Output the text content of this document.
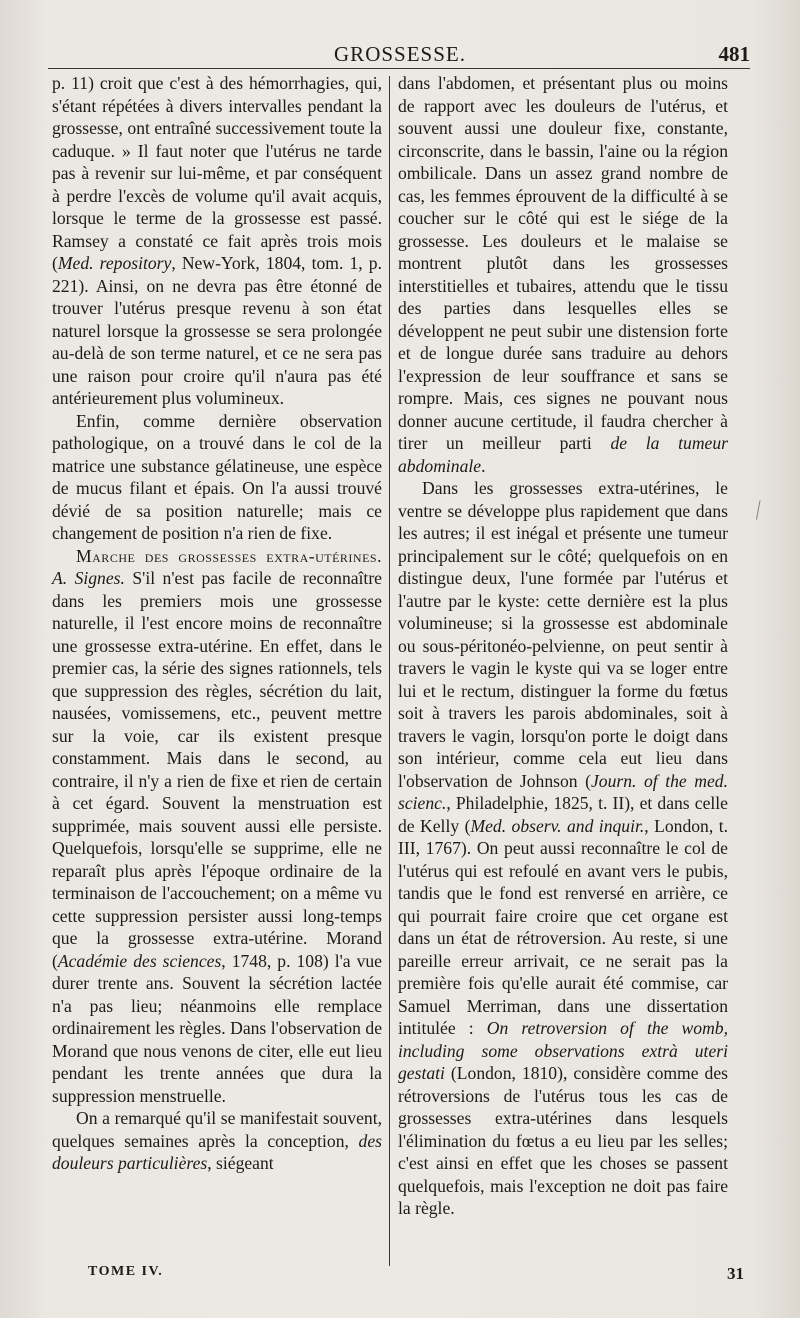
GROSSESSE.	481

p. 11) croit que c'est à des hémorrhagies, qui, s'étant répétées à divers intervalles pendant la grossesse, ont entraîné successivement toute la caduque. » Il faut noter que l'utérus ne tarde pas à revenir sur lui-même, et par conséquent à perdre l'excès de volume qu'il avait acquis, lorsque le terme de la grossesse est passé. Ramsey a constaté ce fait après trois mois (Med. repository, New-York, 1804, tom. 1, p. 221). Ainsi, on ne devra pas être étonné de trouver l'utérus presque revenu à son état naturel lorsque la grossesse se sera prolongée au-delà de son terme naturel, et ce ne sera pas une raison pour croire qu'il n'aura pas été antérieurement plus volumineux.

Enfin, comme dernière observation pathologique, on a trouvé dans le col de la matrice une substance gélatineuse, une espèce de mucus filant et épais. On l'a aussi trouvé dévié de sa position naturelle; mais ce changement de position n'a rien de fixe.

Marche des grossesses extra-utérines. A. Signes. S'il n'est pas facile de reconnaître dans les premiers mois une grossesse naturelle, il l'est encore moins de reconnaître une grossesse extra-utérine. En effet, dans le premier cas, la série des signes rationnels, tels que suppression des règles, sécrétion du lait, nausées, vomissemens, etc., peuvent mettre sur la voie, car ils existent presque constamment. Mais dans le second, au contraire, il n'y a rien de fixe et rien de certain à cet égard. Souvent la menstruation est supprimée, mais souvent aussi elle persiste. Quelquefois, lorsqu'elle se supprime, elle ne reparaît plus après l'époque ordinaire de la terminaison de l'accouchement; on a même vu cette suppression persister aussi long-temps que la grossesse extra-utérine. Morand (Académie des sciences, 1748, p. 108) l'a vue durer trente ans. Souvent la sécrétion lactée n'a pas lieu; néanmoins elle remplace ordinairement les règles. Dans l'observation de Morand que nous venons de citer, elle eut lieu pendant les trente années que dura la suppression menstruelle.

On a remarqué qu'il se manifestait souvent, quelques semaines après la conception, des douleurs particulières, siégeant

dans l'abdomen, et présentant plus ou moins de rapport avec les douleurs de l'utérus, et souvent aussi une douleur fixe, constante, circonscrite, dans le bassin, l'aine ou la région ombilicale. Dans un assez grand nombre de cas, les femmes éprouvent de la difficulté à se coucher sur le côté qui est le siége de la grossesse. Les douleurs et le malaise se montrent plutôt dans les grossesses interstitielles et tubaires, attendu que le tissu des parties dans lesquelles elles se développent ne peut subir une distension forte et de longue durée sans traduire au dehors l'expression de leur souffrance et sans se rompre. Mais, ces signes ne pouvant nous donner aucune certitude, il faudra chercher à tirer un meilleur parti de la tumeur abdominale.

Dans les grossesses extra-utérines, le ventre se développe plus rapidement que dans les autres; il est inégal et présente une tumeur principalement sur le côté; quelquefois on en distingue deux, l'une formée par l'utérus et l'autre par le kyste: cette dernière est la plus volumineuse; si la grossesse est abdominale ou sous-péritonéo-pelvienne, on peut sentir à travers le vagin le kyste qui va se loger entre lui et le rectum, distinguer la forme du fœtus soit à travers les parois abdominales, soit à travers le vagin, lorsqu'on porte le doigt dans son intérieur, comme cela eut lieu dans l'observation de Johnson (Journ. of the med. scienc., Philadelphie, 1825, t. II), et dans celle de Kelly (Med. observ. and inquir., London, t. III, 1767). On peut aussi reconnaître le col de l'utérus qui est refoulé en avant vers le pubis, tandis que le fond est renversé en arrière, ce qui pourrait faire croire que cet organe est dans un état de rétroversion. Au reste, si une pareille erreur arrivait, ce ne serait pas la première fois qu'elle aurait été commise, car Samuel Merriman, dans une dissertation intitulée : On retroversion of the womb, including some observations extrà uteri gestati (London, 1810), considère comme des rétroversions de l'utérus tous les cas de grossesses extra-utérines dans lesquels l'élimination du fœtus a eu lieu par les selles; c'est ainsi en effet que les choses se passent quelquefois, mais l'exception ne doit pas faire la règle.

⟋
TOME IV.	31
